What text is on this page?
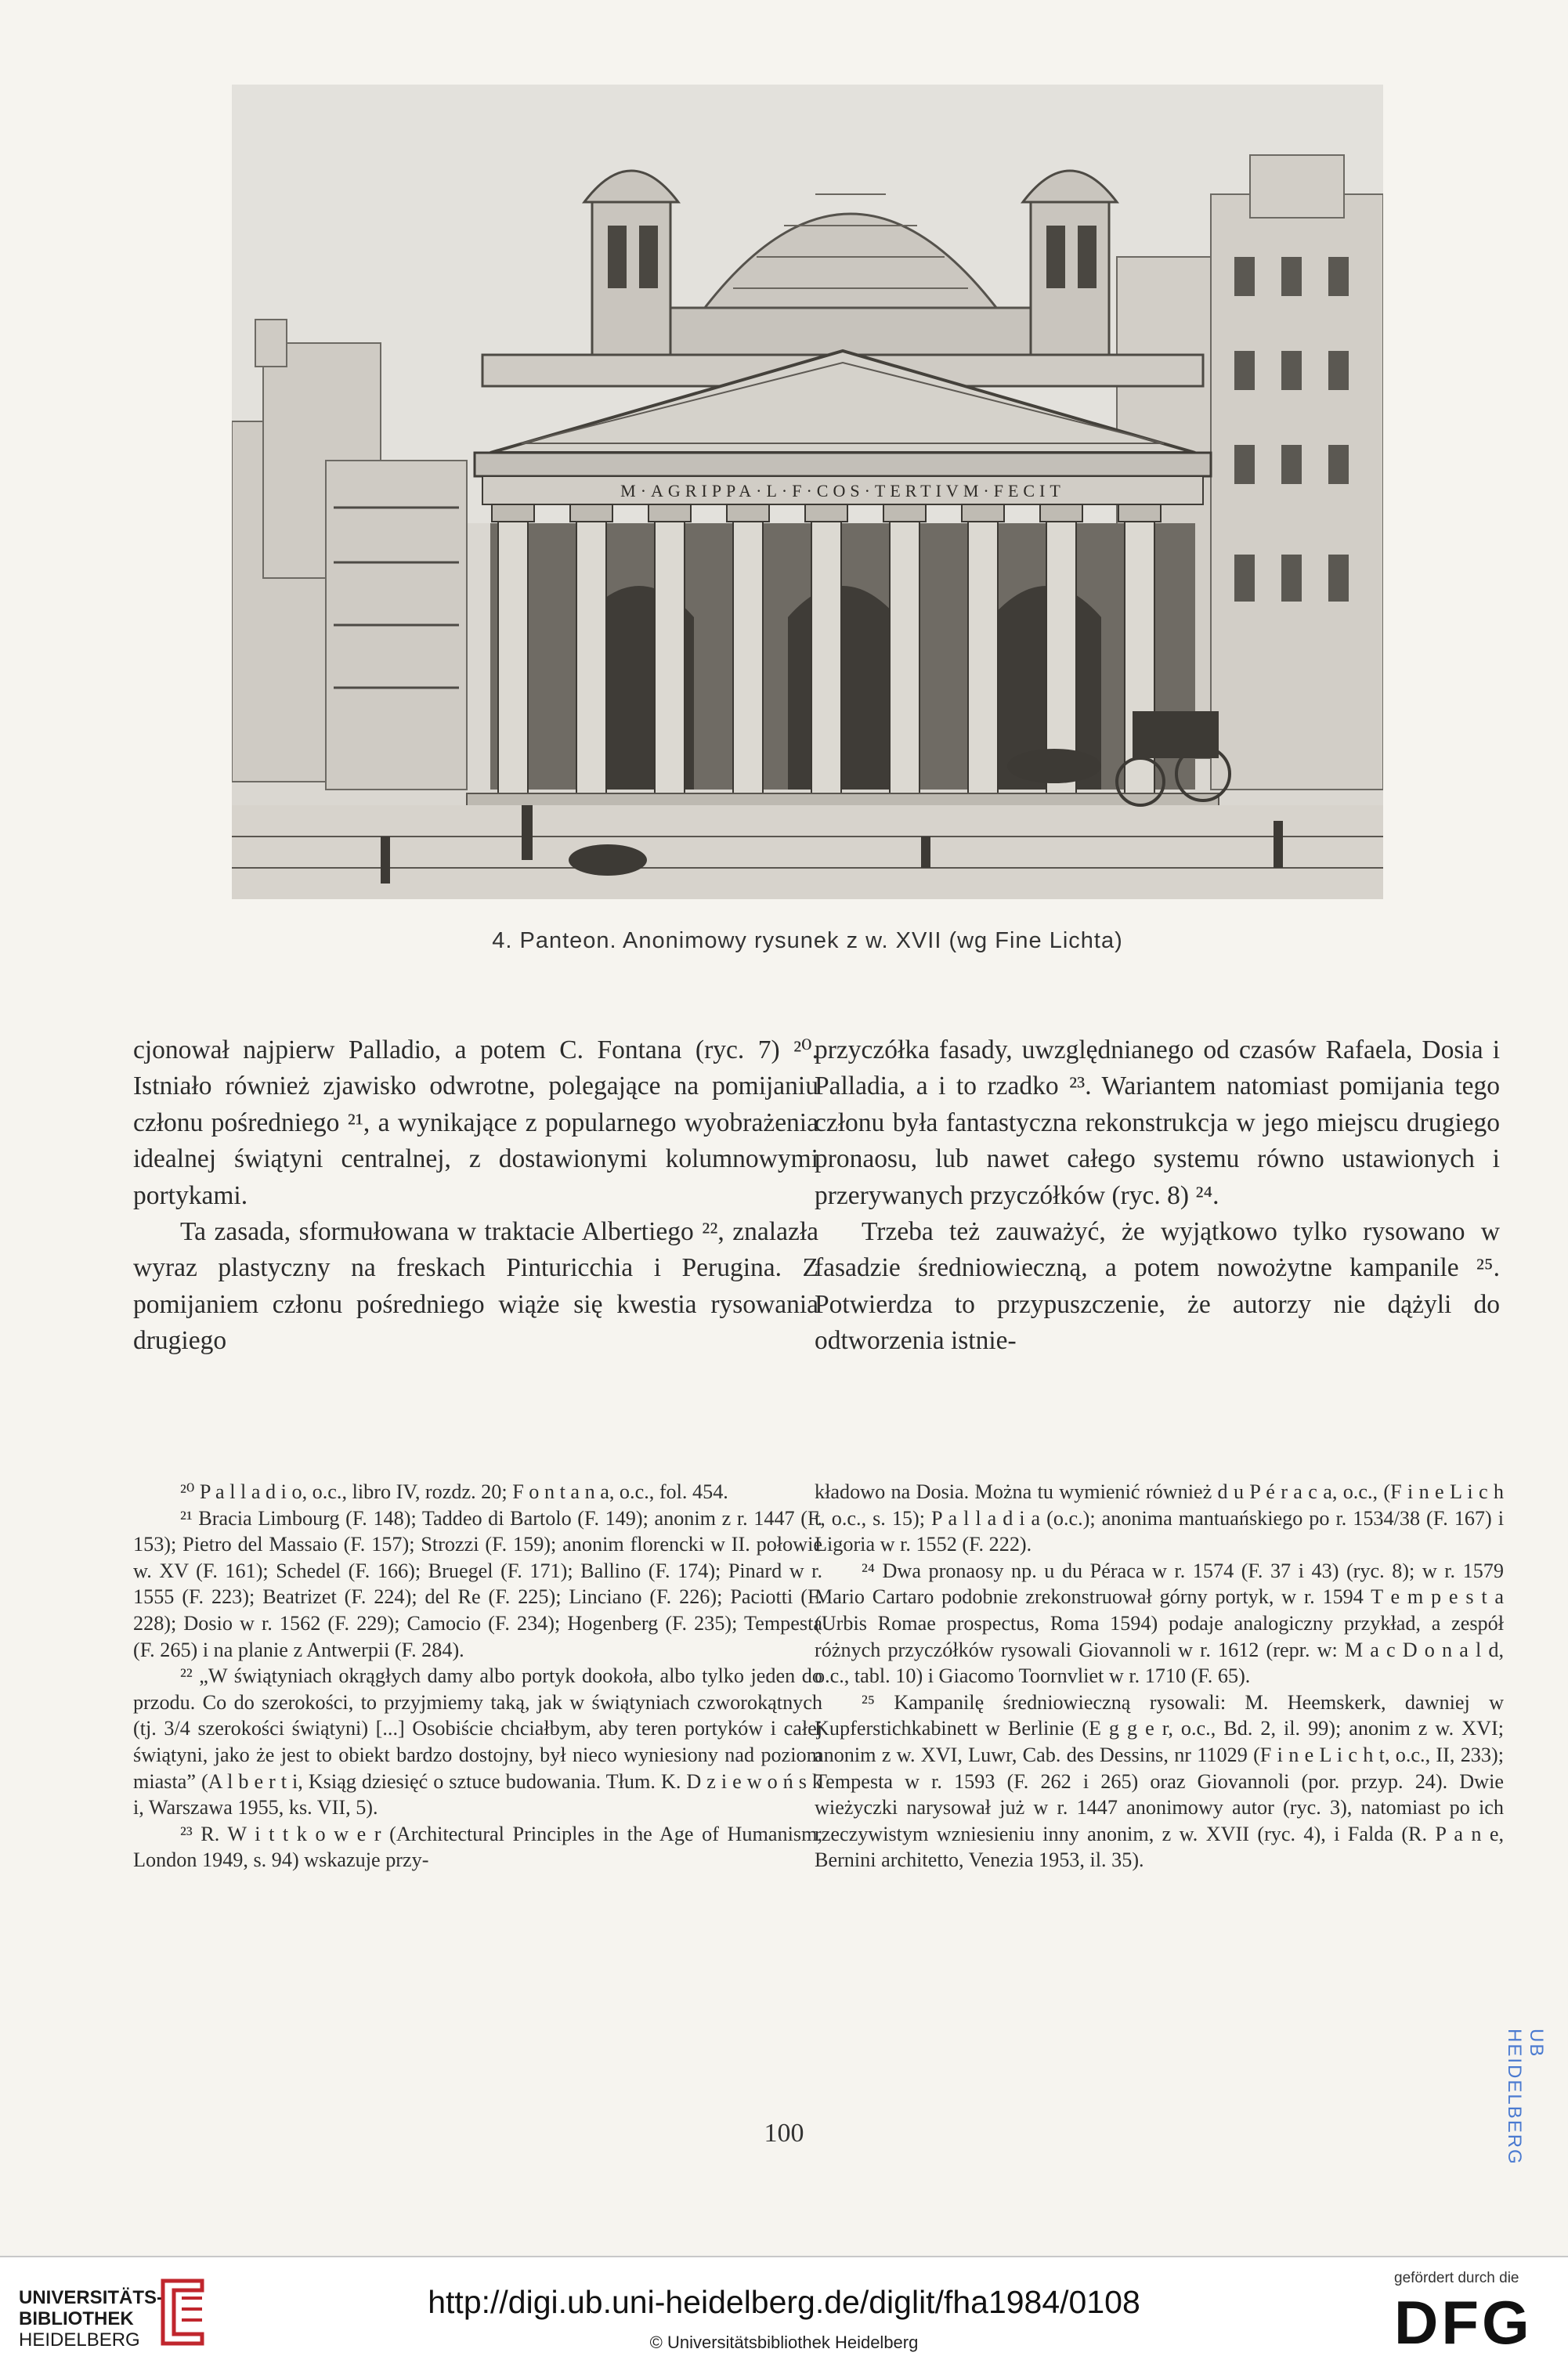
M·AGRIPPA·L·F·COS·TERTIVM·FECIT
4. Panteon. Anonimowy rysunek z w. XVII (wg Fine Lichta)

cjonował najpierw Palladio, a potem C. Fontana (ryc. 7) ²⁰. Istniało również zjawisko odwrotne, polegające na pomijaniu członu pośredniego ²¹, a wynikające z popularnego wyobrażenia idealnej świątyni centralnej, z dostawionymi kolumnowymi portykami.

Ta zasada, sformułowana w traktacie Albertiego ²², znalazła wyraz plastyczny na freskach Pinturicchia i Perugina. Z pomijaniem członu pośredniego wiąże się kwestia rysowania drugiego

przyczółka fasady, uwzględnianego od czasów Rafaela, Dosia i Palladia, a i to rzadko ²³. Wariantem natomiast pomijania tego członu była fantastyczna rekonstrukcja w jego miejscu drugiego pronaosu, lub nawet całego systemu równo ustawionych i przerywanych przyczółków (ryc. 8) ²⁴.

Trzeba też zauważyć, że wyjątkowo tylko rysowano w fasadzie średniowieczną, a potem nowożytne kampanile ²⁵. Potwierdza to przypuszczenie, że autorzy nie dążyli do odtworzenia istnie-

²⁰ P a l l a d i o, o.c., libro IV, rozdz. 20; F o n t a n a, o.c., fol. 454.

²¹ Bracia Limbourg (F. 148); Taddeo di Bartolo (F. 149); anonim z r. 1447 (F. 153); Pietro del Massaio (F. 157); Strozzi (F. 159); anonim florencki w II. połowie w. XV (F. 161); Schedel (F. 166); Bruegel (F. 171); Ballino (F. 174); Pinard w r. 1555 (F. 223); Beatrizet (F. 224); del Re (F. 225); Linciano (F. 226); Paciotti (F. 228); Dosio w r. 1562 (F. 229); Camocio (F. 234); Hogenberg (F. 235); Tempesta (F. 265) i na planie z Antwerpii (F. 284).

²² „W świątyniach okrągłych damy albo portyk dookoła, albo tylko jeden do przodu. Co do szerokości, to przyjmiemy taką, jak w świątyniach czworokątnych (tj. 3/4 szerokości świątyni) [...] Osobiście chciałbym, aby teren portyków i całej świątyni, jako że jest to obiekt bardzo dostojny, był nieco wyniesiony nad poziom miasta” (A l b e r t i, Ksiąg dziesięć o sztuce budowania. Tłum. K. D z i e w o ń s k i, Warszawa 1955, ks. VII, 5).

²³ R. W i t t k o w e r (Architectural Principles in the Age of Humanism, London 1949, s. 94) wskazuje przy-

kładowo na Dosia. Można tu wymienić również d u P é r a c a, o.c., (F i n e L i c h t, o.c., s. 15); P a l l a d i a (o.c.); anonima mantuańskiego po r. 1534/38 (F. 167) i Ligoria w r. 1552 (F. 222).

²⁴ Dwa pronaosy np. u du Péraca w r. 1574 (F. 37 i 43) (ryc. 8); w r. 1579 Mario Cartaro podobnie zrekonstruował górny portyk, w r. 1594 T e m p e s t a (Urbis Romae prospectus, Roma 1594) podaje analogiczny przykład, a zespół różnych przyczółków rysowali Giovannoli w r. 1612 (repr. w: M a c D o n a l d, o.c., tabl. 10) i Giacomo Toornvliet w r. 1710 (F. 65).

²⁵ Kampanilę średniowieczną rysowali: M. Heemskerk, dawniej w Kupferstichkabinett w Berlinie (E g g e r, o.c., Bd. 2, il. 99); anonim z w. XVI; anonim z w. XVI, Luwr, Cab. des Dessins, nr 11029 (F i n e L i c h t, o.c., II, 233); Tempesta w r. 1593 (F. 262 i 265) oraz Giovannoli (por. przyp. 24). Dwie wieżyczki narysował już w r. 1447 anonimowy autor (ryc. 3), natomiast po ich rzeczywistym wzniesieniu inny anonim, z w. XVII (ryc. 4), i Falda (R. P a n e, Bernini architetto, Venezia 1953, il. 35).

100
UB HEIDELBERG
UNIVERSITÄTS-
BIBLIOTHEK
HEIDELBERG
http://digi.ub.uni-heidelberg.de/diglit/fha1984/0108
© Universitätsbibliothek Heidelberg
gefördert durch die
DFG
